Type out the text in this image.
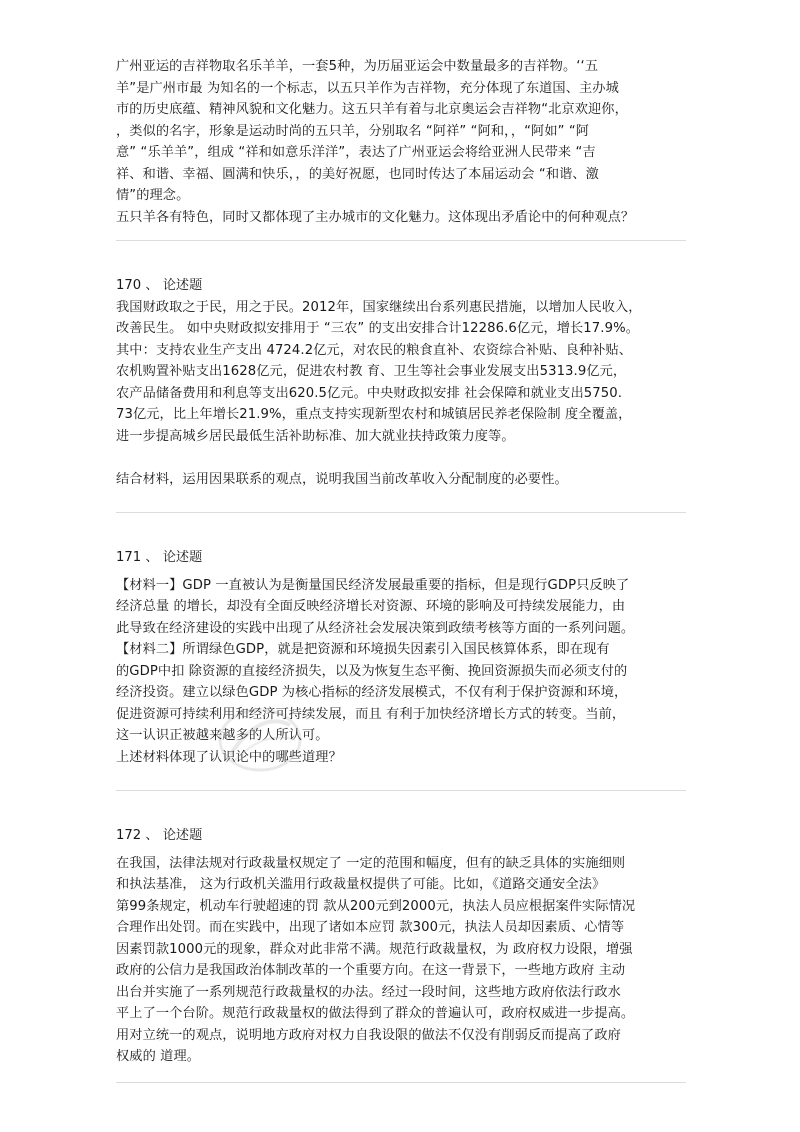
广州亚运的吉祥物取名乐羊羊，一套5种，为历届亚运会中数量最多的吉祥物。‘‘五
羊”是广州市最 为知名的一个标志，以五只羊作为吉祥物，充分体现了东道国、主办城
市的历史底蕴、精神风貌和文化魅力。这五只羊有着与北京奥运会吉祥物“北京欢迎你，
，类似的名字，形象是运动时尚的五只羊，分别取名 “阿祥” “阿和，，“阿如” “阿
意” “乐羊羊”，组成 “祥和如意乐洋洋”，表达了广州亚运会将给亚洲人民带来 “吉
祥、和谐、幸福、圓满和快乐，，的美好祝愿，也同时传达了本届运动会 “和谐、激
情”的理念。
五只羊各有特色，同时又都体现了主办城市的文化魅力。这体现出矛盾论中的何种观点？
170 、 论述题
我国财政取之于民，用之于民。2012年，国家继续出台系列惠民措施，以增加人民收入，
改善民生。 如中央财政拟安排用于 “三农” 的支出安排合计12286.6亿元，增长17.9%。
其中：支持农业生产支出 4724.2亿元，对农民的粮食直补、农资综合补贴、良种补贴、
农机购置补贴支出1628亿元，促进农村教 育、卫生等社会事业发展支出5313.9亿元，
农产品储备费用和利息等支出620.5亿元。中央财政拟安排 社会保障和就业支出5750.
73亿元，比上年增长21.9%，重点支持实现新型农村和城镇居民养老保险制 度全覆盖，
进一步提高城乡居民最低生活补助标准、加大就业扶持政策力度等。
结合材料，运用因果联系的观点，说明我国当前改革收入分配制度的必要性。
171 、 论述题
【材料一】GDP 一直被认为是衡量国民经济发展最重要的指标，但是现行GDP只反映了
经济总量 的增长，却没有全面反映经济增长对资源、环境的影响及可持续发展能力，由
此导致在经济建设的实践中出现了从经济社会发展决策到政绩考核等方面的一系列问题。
【材料二】所谓绿色GDP，就是把资源和环境损失因素引入国民核算体系，即在现有
的GDP中扣 除资源的直接经济损失，以及为恢复生态平衡、挽回资源损失而必须支付的
经济投资。建立以绿色GDP 为核心指标的经济发展模式，不仅有利于保护资源和环境，
促进资源可持续利用和经济可持续发展，而且 有利于加快经济增长方式的转变。当前，
这一认识正被越来越多的人所认可。
上述材料体现了认识论中的哪些道理？
172 、 论述题
在我国，法律法规对行政裁量权规定了 一定的范围和幅度，但有的缺乏具体的实施细则
和执法基准， 这为行政机关滥用行政裁量权提供了可能。比如，《道路交通安全法》
第99条规定，机动车行驶超速的罚 款从200元到2000元，执法人员应根据案件实际情况
合理作出处罚。而在实践中，出现了诸如本应罚 款300元，执法人员却因素质、心情等
因素罚款1000元的现象，群众对此非常不满。规范行政裁量权，为 政府权力设限，增强
政府的公信力是我国政治体制改革的一个重要方向。在这一背景下，一些地方政府 主动
出台并实施了一系列规范行政裁量权的办法。经过一段时间，这些地方政府依法行政水
平上了一个台阶。规范行政裁量权的做法得到了群众的普遍认可，政府权威进一步提高。
用对立统一的观点，说明地方政府对权力自我设限的做法不仅没有削弱反而提高了政府
权威的 道理。
